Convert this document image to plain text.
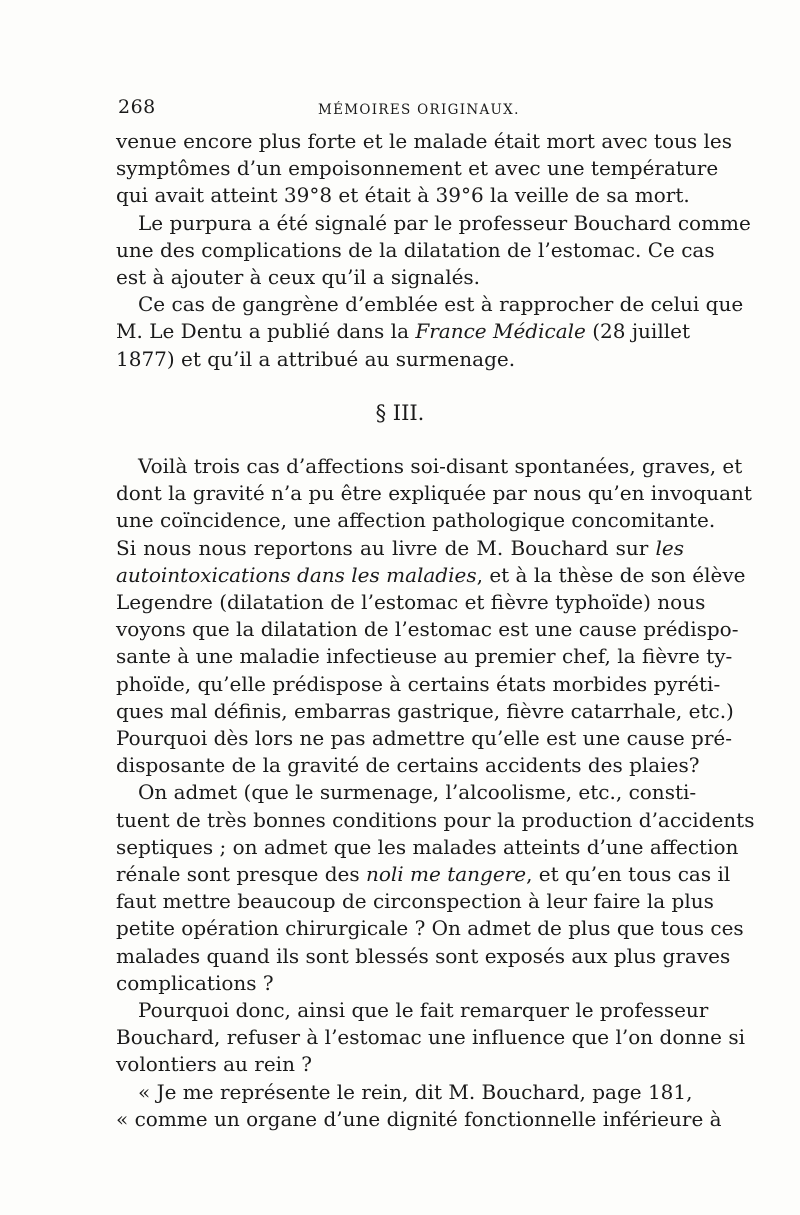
268	MÉMOIRES ORIGINAUX.
venue encore plus forte et le malade était mort avec tous les
symptômes d’un empoisonnement et avec une température
qui avait atteint 39°8 et était à 39°6 la veille de sa mort.
Le purpura a été signalé par le professeur Bouchard comme
une des complications de la dilatation de l’estomac. Ce cas
est à ajouter à ceux qu’il a signalés.
Ce cas de gangrène d’emblée est à rapprocher de celui que
M. Le Dentu a publié dans la France Médicale (28 juillet
1877) et qu’il a attribué au surmenage.
§ III.
Voilà trois cas d’affections soi-disant spontanées, graves, et
dont la gravité n’a pu être expliquée par nous qu’en invoquant
une coïncidence, une affection pathologique concomitante.
Si nous nous reportons au livre de M. Bouchard sur les
autointoxications dans les maladies, et à la thèse de son élève
Legendre (dilatation de l’estomac et fièvre typhoïde) nous
voyons que la dilatation de l’estomac est une cause prédispo-
sante à une maladie infectieuse au premier chef, la fièvre ty-
phoïde, qu’elle prédispose à certains états morbides pyréti-
ques mal définis, embarras gastrique, fièvre catarrhale, etc.)
Pourquoi dès lors ne pas admettre qu’elle est une cause pré-
disposante de la gravité de certains accidents des plaies?
On admet (que le surmenage, l’alcoolisme, etc., consti-
tuent de très bonnes conditions pour la production d’accidents
septiques ; on admet que les malades atteints d’une affection
rénale sont presque des noli me tangere, et qu’en tous cas il
faut mettre beaucoup de circonspection à leur faire la plus
petite opération chirurgicale ? On admet de plus que tous ces
malades quand ils sont blessés sont exposés aux plus graves
complications ?
Pourquoi donc, ainsi que le fait remarquer le professeur
Bouchard, refuser à l’estomac une influence que l’on donne si
volontiers au rein ?
« Je me représente le rein, dit M. Bouchard, page 181,
« comme un organe d’une dignité fonctionnelle inférieure à
